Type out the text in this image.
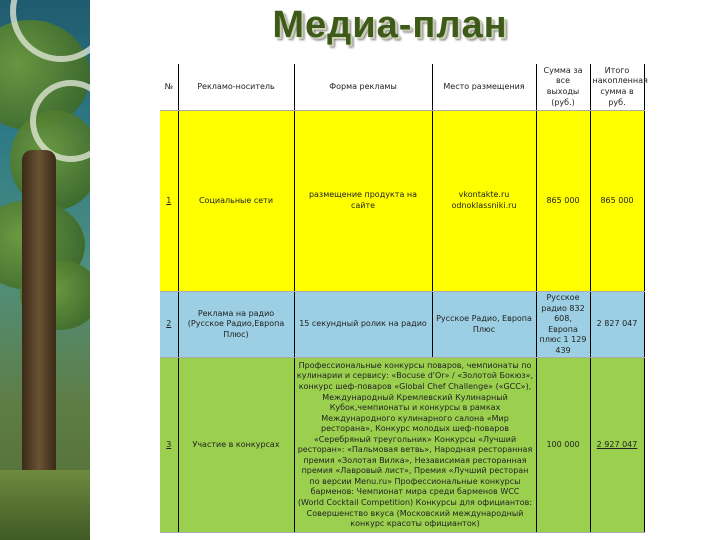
Медиа-план
№	Рекламо-носитель	Форма рекламы	Место размещения	Сумма за все выходы (руб.)	Итого накопленная сумма в руб.
1	Социальные сети	размещение продукта на сайте	vkontakte.ru odnoklassniki.ru	865 000	865 000
2	Реклама на радио (Русское Радио,Европа Плюс)	15 секундный ролик на радио	Русское Радио, Европа Плюс	Русское радио 832 608, Европа плюс 1 129 439	2 827 047
3	Участие в конкурсах	Профессиональные конкурсы поваров, чемпионаты по кулинарии и сервису: «Bocuse d'Or» / «Золотой Бокюз», конкурс шеф-поваров «Global Chef Challenge» («GCC»), Международный Кремлевский Кулинарный Кубок,чемпионаты и конкурсы в рамках Международного кулинарного салона «Мир ресторана», Конкурс молодых шеф-поваров «Серебряный треугольник» Конкурсы «Лучший ресторан»: «Пальмовая ветвь», Народная ресторанная премия «Золотая Вилка», Независимая ресторанная премия «Лавровый лист», Премия «Лучший ресторан по версии Menu.ru» Профессиональные конкурсы барменов: Чемпионат мира среди барменов WCC (World Cocktail Competition) Конкурсы для официантов: Совершенство вкуса (Московский международный конкурс красоты официанток)		100 000	2 927 047
